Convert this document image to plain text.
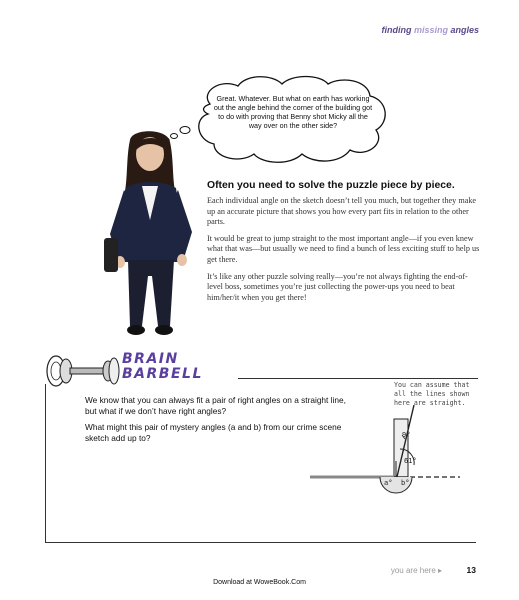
finding missing angles
Great. Whatever. But what on earth has working out the angle behind the corner of the building got to do with proving that Benny shot Micky all the way over on the other side?
Often you need to solve the puzzle piece by piece.

Each individual angle on the sketch doesn’t tell you much, but together they make up an accurate picture that shows you how every part fits in relation to the other parts.

It would be great to jump straight to the most important angle—if you even knew what that was—but usually we need to find a bunch of less exciting stuff to help us get there.

It’s like any other puzzle solving really—you’re not always fighting the end-of-level boss, sometimes you’re just collecting the power-ups you need to beat him/her/it when you get there!

BRAIN
BARBELL

We know that you can always fit a pair of right angles on a straight line, but what if we don’t have right angles?

What might this pair of mystery angles (a and b) from our crime scene sketch add up to?

You can assume that all the lines shown here are straight.
9°
61°
a° b°
you are here ▸	13
Download at WoweBook.Com
